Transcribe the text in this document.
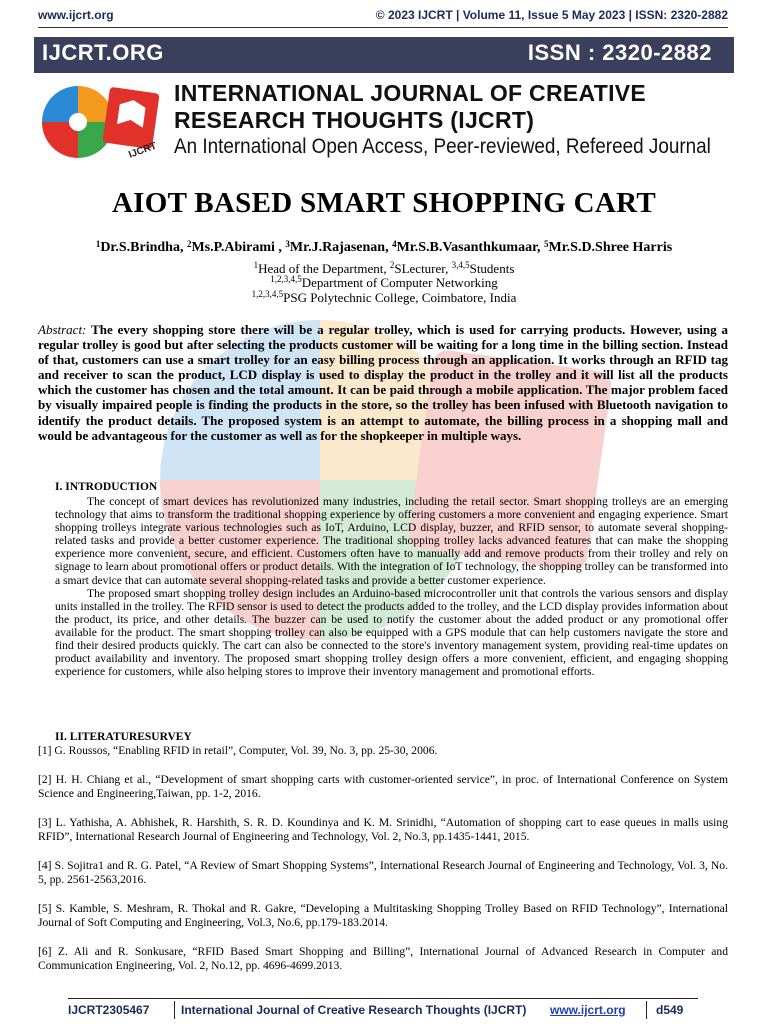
www.ijcrt.org	© 2023 IJCRT | Volume 11, Issue 5 May 2023 | ISSN: 2320-2882
IJCRT.ORG	ISSN : 2320-2882
IJCRT
INTERNATIONAL JOURNAL OF CREATIVE
RESEARCH THOUGHTS (IJCRT)
An International Open Access, Peer-reviewed, Refereed Journal
AIOT BASED SMART SHOPPING CART
$^1$Dr.S.Brindha, $^2$Ms.P.Abirami , $^3$Mr.J.Rajasenan, $^4$Mr.S.B.Vasanthkumaar, $^5$Mr.S.D.Shree Harris
$^1$Head of the Department, $^2$SLecturer, $^{3,4,5}$Students
$^{1,2,3,4,5}$Department of Computer Networking
$^{1,2,3,4,5}$PSG Polytechnic College, Coimbatore, India
Abstract: The every shopping store there will be a regular trolley, which is used for carrying products. However, using a regular trolley is good but after selecting the products customer will be waiting for a long time in the billing section. Instead of that, customers can use a smart trolley for an easy billing process through an application. It works through an RFID tag and receiver to scan the product, LCD display is used to display the product in the trolley and it will list all the products which the customer has chosen and the total amount. It can be paid through a mobile application. The major problem faced by visually impaired people is finding the products in the store, so the trolley has been infused with Bluetooth navigation to identify the product details. The proposed system is an attempt to automate, the billing process in a shopping mall and would be advantageous for the customer as well as for the shopkeeper in multiple ways.
I. INTRODUCTION

The concept of smart devices has revolutionized many industries, including the retail sector. Smart shopping trolleys are an emerging technology that aims to transform the traditional shopping experience by offering customers a more convenient and engaging experience. Smart shopping trolleys integrate various technologies such as IoT, Arduino, LCD display, buzzer, and RFID sensor, to automate several shopping-related tasks and provide a better customer experience. The traditional shopping trolley lacks advanced features that can make the shopping experience more convenient, secure, and efficient. Customers often have to manually add and remove products from their trolley and rely on signage to learn about promotional offers or product details. With the integration of IoT technology, the shopping trolley can be transformed into a smart device that can automate several shopping-related tasks and provide a better customer experience.

The proposed smart shopping trolley design includes an Arduino-based microcontroller unit that controls the various sensors and display units installed in the trolley. The RFID sensor is used to detect the products added to the trolley, and the LCD display provides information about the product, its price, and other details. The buzzer can be used to notify the customer about the added product or any promotional offer available for the product. The smart shopping trolley can also be equipped with a GPS module that can help customers navigate the store and find their desired products quickly. The cart can also be connected to the store's inventory management system, providing real-time updates on product availability and inventory. The proposed smart shopping trolley design offers a more convenient, efficient, and engaging shopping experience for customers, while also helping stores to improve their inventory management and promotional efforts.

II. LITERATURESURVEY

[1] G. Roussos, “Enabling RFID in retail”, Computer, Vol. 39, No. 3, pp. 25-30, 2006.

[2] H. H. Chiang et al., “Development of smart shopping carts with customer-oriented service”, in proc. of International Conference on System Science and Engineering,Taiwan, pp. 1-2, 2016.

[3] L. Yathisha, A. Abhishek, R. Harshith, S. R. D. Koundinya and K. M. Srinidhi, “Automation of shopping cart to ease queues in malls using RFID”, International Research Journal of Engineering and Technology, Vol. 2, No.3, pp.1435-1441, 2015.

[4] S. Sojitra1 and R. G. Patel, “A Review of Smart Shopping Systems”, International Research Journal of Engineering and Technology, Vol. 3, No. 5, pp. 2561-2563,2016.

[5] S. Kamble, S. Meshram, R. Thokal and R. Gakre, “Developing a Multitasking Shopping Trolley Based on RFID Technology”, International Journal of Soft Computing and Engineering, Vol.3, No.6, pp.179-183.2014.

[6] Z. Ali and R. Sonkusare, “RFID Based Smart Shopping and Billing”, International Journal of Advanced Research in Computer and Communication Engineering, Vol. 2, No.12, pp. 4696-4699.2013.

IJCRT2305467	International Journal of Creative Research Thoughts (IJCRT) www.ijcrt.org	d549
